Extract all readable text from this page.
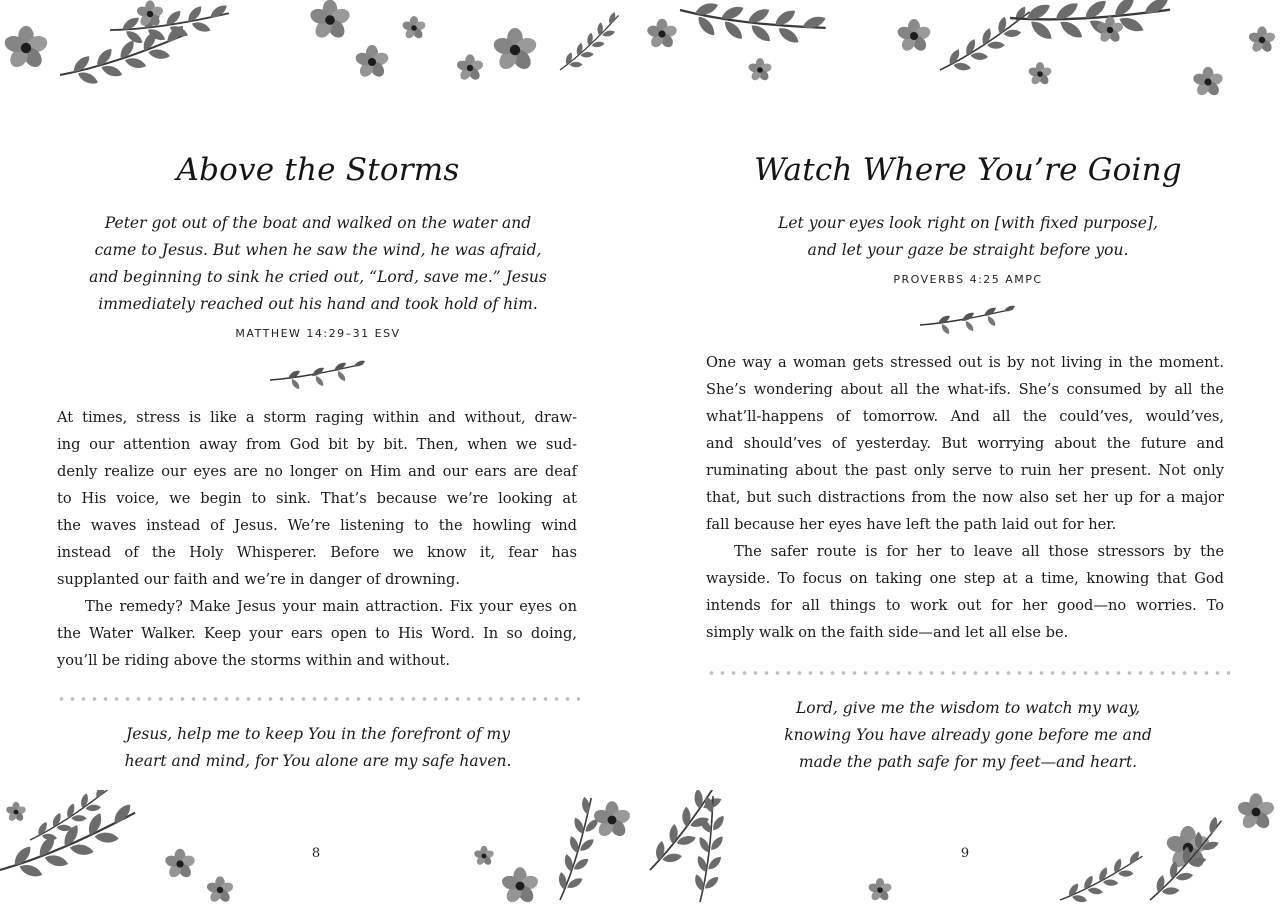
Above the Storms
Peter got out of the boat and walked on the water and
came to Jesus. But when he saw the wind, he was afraid,
and beginning to sink he cried out, “Lord, save me.” Jesus
immediately reached out his hand and took hold of him.
MATTHEW 14:29–31 ESV
At times, stress is like a storm raging within and without, draw-
ing our attention away from God bit by bit. Then, when we sud-
denly realize our eyes are no longer on Him and our ears are deaf
to His voice, we begin to sink. That’s because we’re looking at
the waves instead of Jesus. We’re listening to the howling wind
instead of the Holy Whisperer. Before we know it, fear has
supplanted our faith and we’re in danger of drowning.
The remedy? Make Jesus your main attraction. Fix your eyes on
the Water Walker. Keep your ears open to His Word. In so doing,
you’ll be riding above the storms within and without.
Jesus, help me to keep You in the forefront of my
heart and mind, for You alone are my safe haven.
8
Watch Where You’re Going
Let your eyes look right on [with fixed purpose],
and let your gaze be straight before you.
PROVERBS 4:25 AMPC
One way a woman gets stressed out is by not living in the moment.
She’s wondering about all the what-ifs. She’s consumed by all the
what’ll-happens of tomorrow. And all the could’ves, would’ves,
and should’ves of yesterday. But worrying about the future and
ruminating about the past only serve to ruin her present. Not only
that, but such distractions from the now also set her up for a major
fall because her eyes have left the path laid out for her.
The safer route is for her to leave all those stressors by the
wayside. To focus on taking one step at a time, knowing that God
intends for all things to work out for her good—no worries. To
simply walk on the faith side—and let all else be.
Lord, give me the wisdom to watch my way,
knowing You have already gone before me and
made the path safe for my feet—and heart.
9
